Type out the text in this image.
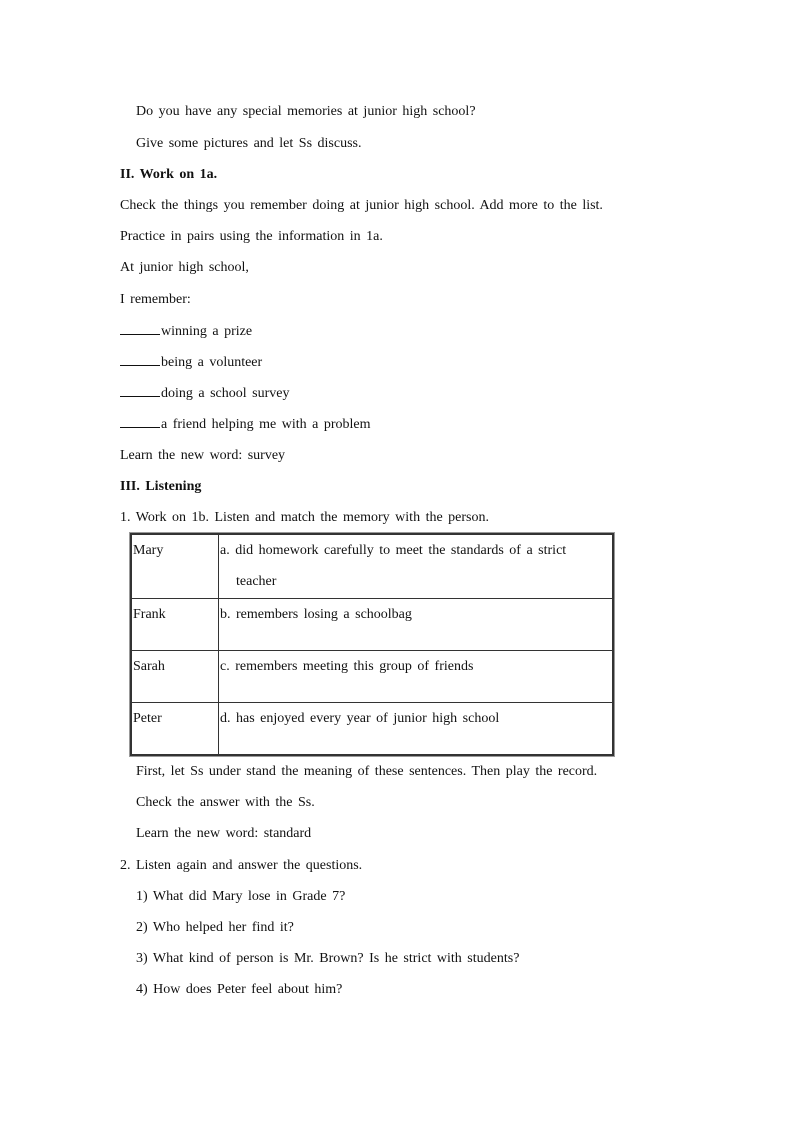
Do you have any special memories at junior high school?
Give some pictures and let Ss discuss.
II. Work on 1a.
Check the things you remember doing at junior high school. Add more to the list.
Practice in pairs using the information in 1a.
At junior high school,
I remember:
winning a prize
being a volunteer
doing a school survey
a friend helping me with a problem
Learn the new word: survey
III. Listening
1. Work on 1b. Listen and match the memory with the person.
Mary	a. did homework carefully to meet the standards of a strict
teacher

Frank	b. remembers losing a schoolbag
Sarah	c. remembers meeting this group of friends
Peter	d. has enjoyed every year of junior high school
First, let Ss under stand the meaning of these sentences. Then play the record.
Check the answer with the Ss.
Learn the new word: standard
2. Listen again and answer the questions.
1) What did Mary lose in Grade 7?
2) Who helped her find it?
3) What kind of person is Mr. Brown? Is he strict with students?
4) How does Peter feel about him?
